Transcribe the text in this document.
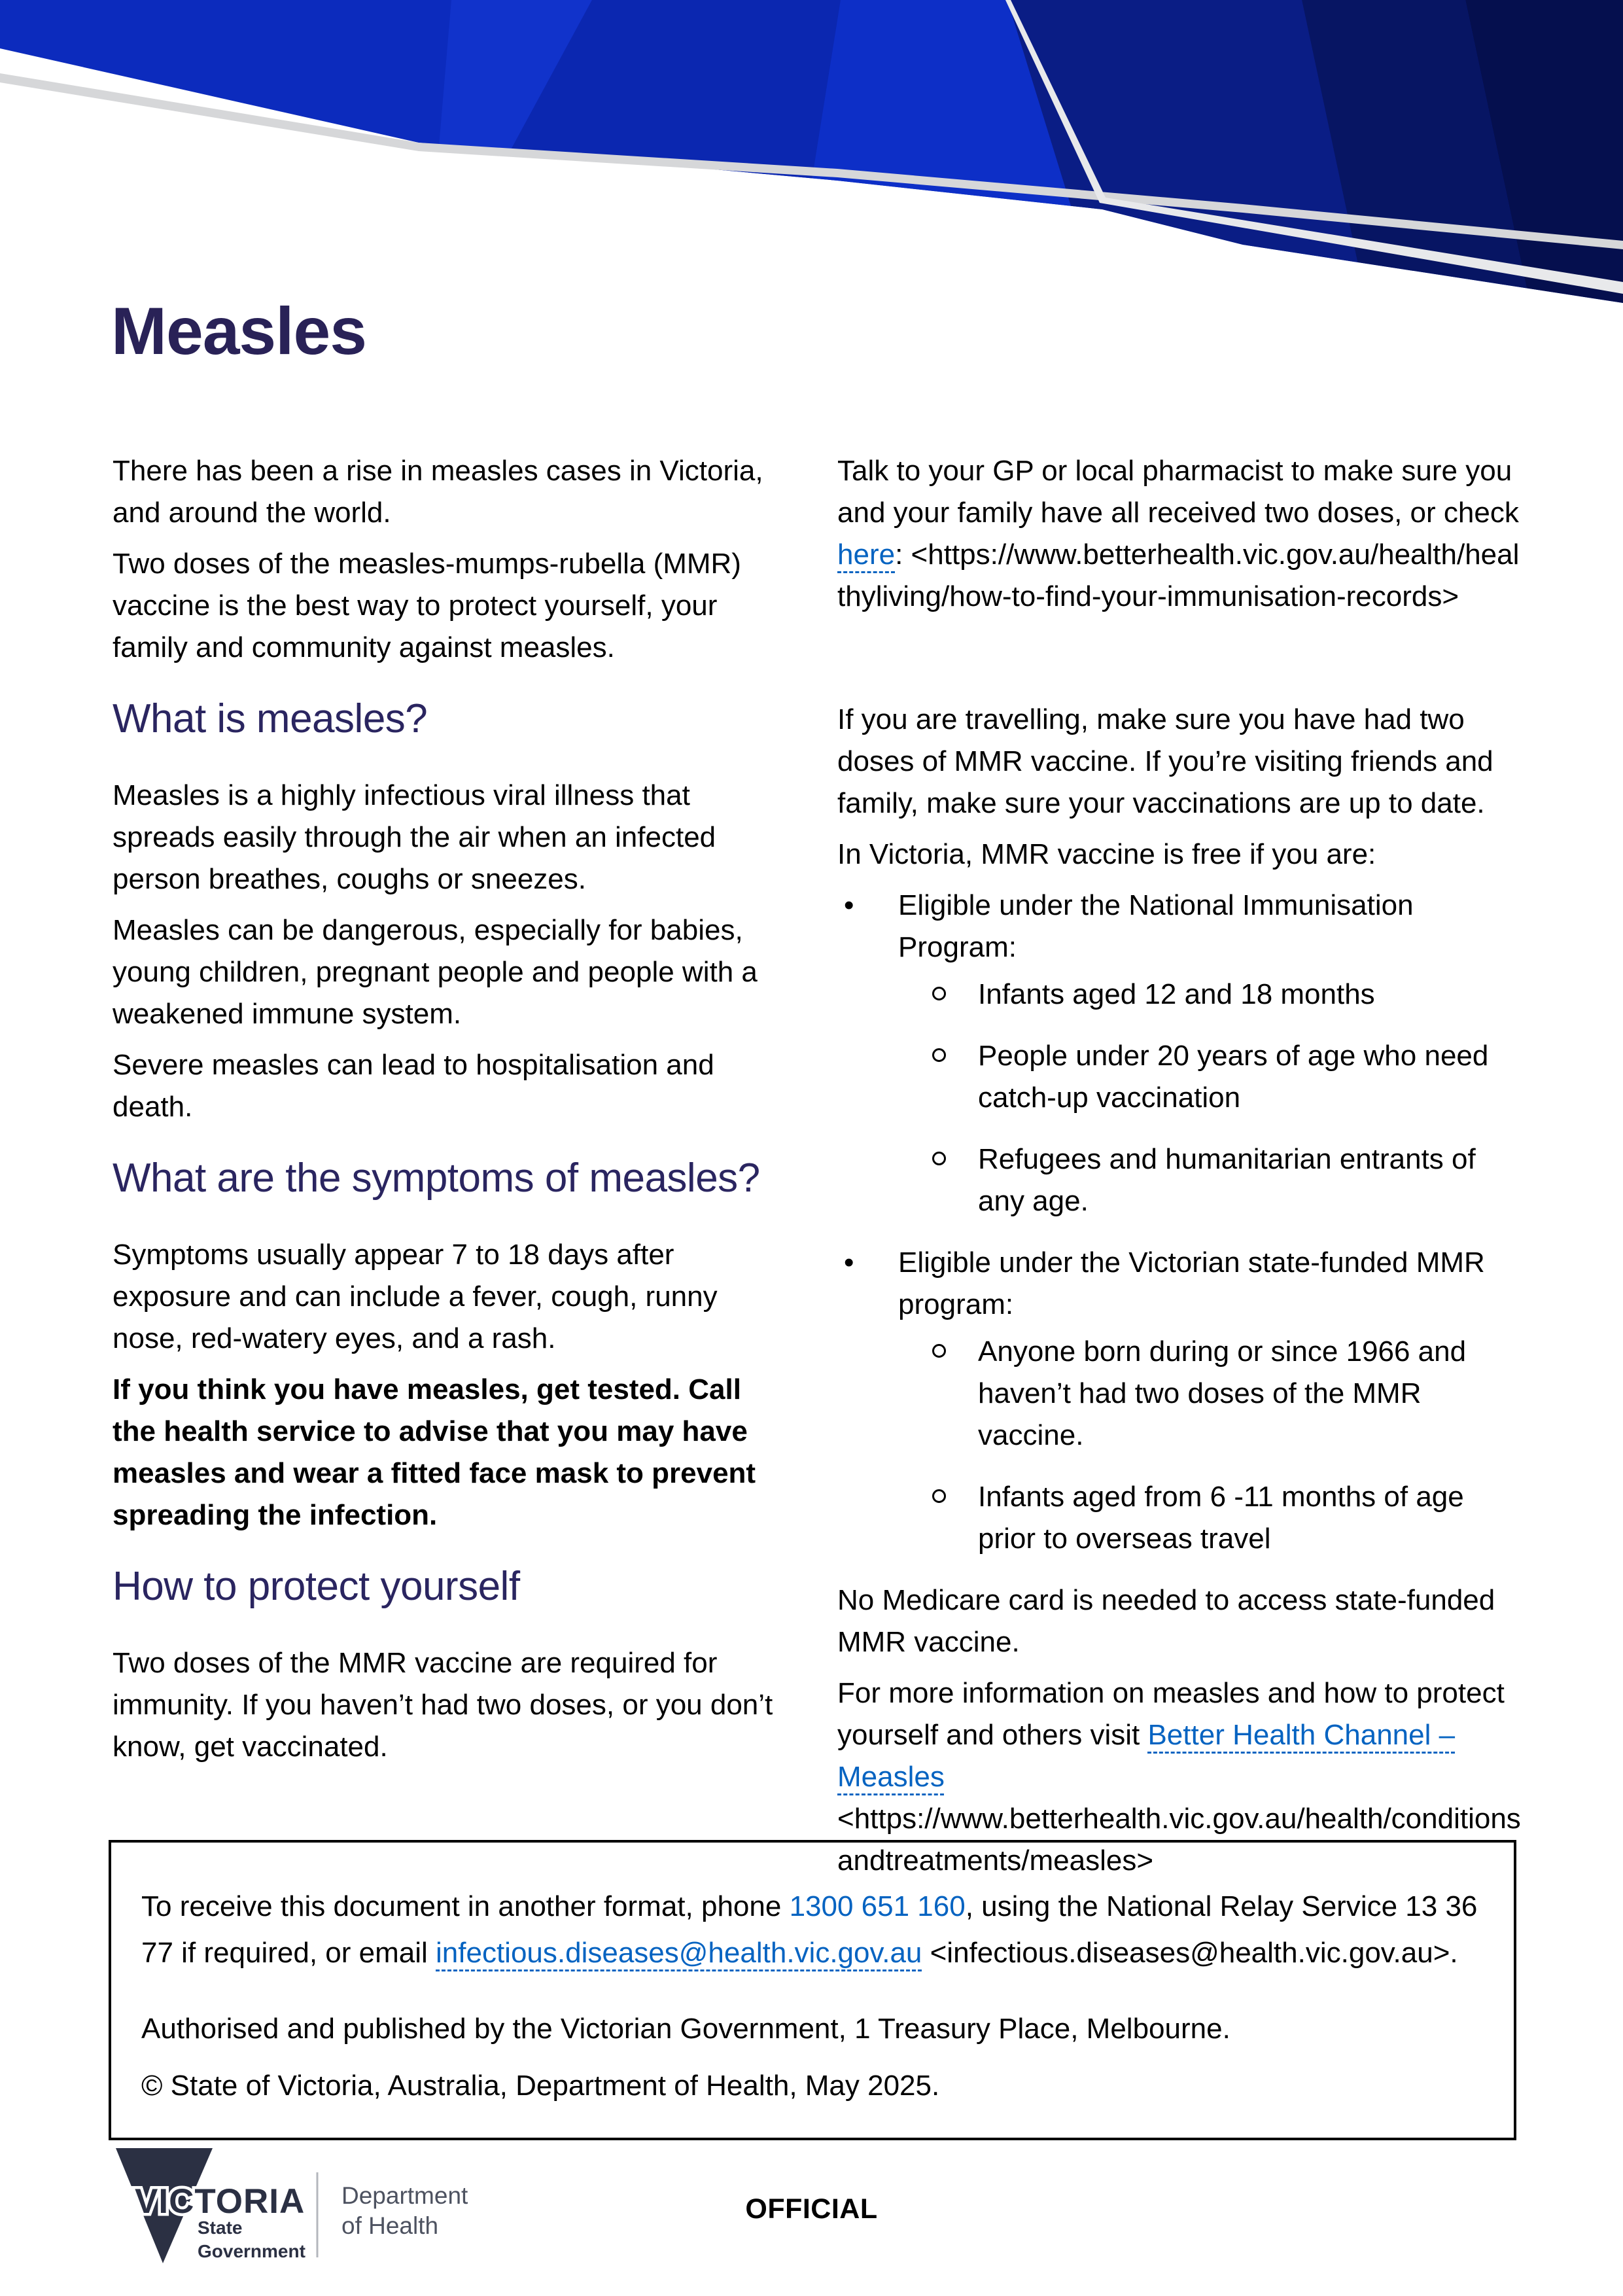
Measles

There has been a rise in measles cases in Victoria, and around the world.

Two doses of the measles-mumps-rubella (MMR) vaccine is the best way to protect yourself, your family and community against measles.

What is measles?

Measles is a highly infectious viral illness that spreads easily through the air when an infected person breathes, coughs or sneezes.

Measles can be dangerous, especially for babies, young children, pregnant people and people with a weakened immune system.

Severe measles can lead to hospitalisation and death.

What are the symptoms of measles?

Symptoms usually appear 7 to 18 days after exposure and can include a fever, cough, runny nose, red-watery eyes, and a rash.

If you think you have measles, get tested. Call the health service to advise that you may have measles and wear a fitted face mask to prevent spreading the infection.

How to protect yourself

Two doses of the MMR vaccine are required for immunity. If you haven’t had two doses, or you don’t know, get vaccinated.

Talk to your GP or local pharmacist to make sure you and your family have all received two doses, or check here: <https://www.betterhealth.vic.gov.au/health/healthyliving/how-to-find-your-immunisation-records>

If you are travelling, make sure you have had two doses of MMR vaccine. If you’re visiting friends and family, make sure your vaccinations are up to date.

In Victoria, MMR vaccine is free if you are:

• Eligible under the National Immunisation Program:
Infants aged 12 and 18 months
People under 20 years of age who need catch-up vaccination
Refugees and humanitarian entrants of any age.
• Eligible under the Victorian state-funded MMR program:
Anyone born during or since 1966 and haven’t had two doses of the MMR vaccine.
Infants aged from 6 -11 months of age prior to overseas travel

No Medicare card is needed to access state-funded MMR vaccine.

For more information on measles and how to protect yourself and others visit Better Health Channel – Measles
<https://www.betterhealth.vic.gov.au/health/conditionsandtreatments/measles>

To receive this document in another format, phone 1300 651 160, using the National Relay Service 13 36 77 if required, or email infectious.diseases@health.vic.gov.au <infectious.diseases@health.vic.gov.au>.

Authorised and published by the Victorian Government, 1 Treasury Place, Melbourne.

© State of Victoria, Australia, Department of Health, May 2025.

VICTORIA
State
Government
Department
of Health
OFFICIAL
